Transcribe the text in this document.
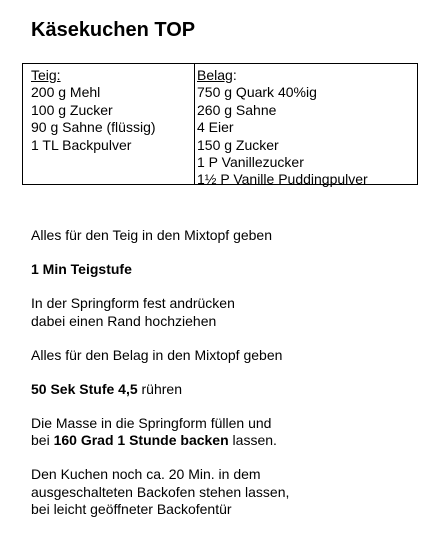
Käsekuchen TOP
Teig:
200 g Mehl
100 g Zucker
90 g Sahne (flüssig)
1 TL Backpulver
Belag:
750 g Quark 40%ig
260 g Sahne
4 Eier
150 g Zucker
1 P Vanillezucker
1½ P Vanille Puddingpulver
Alles für den Teig in den Mixtopf geben
1 Min Teigstufe
In der Springform fest andrücken
dabei einen Rand hochziehen
Alles für den Belag in den Mixtopf geben
50 Sek Stufe 4,5 rühren
Die Masse in die Springform füllen und
bei 160 Grad 1 Stunde backen lassen.
Den Kuchen noch ca. 20 Min. in dem
ausgeschalteten Backofen stehen lassen,
bei leicht geöffneter Backofentür
